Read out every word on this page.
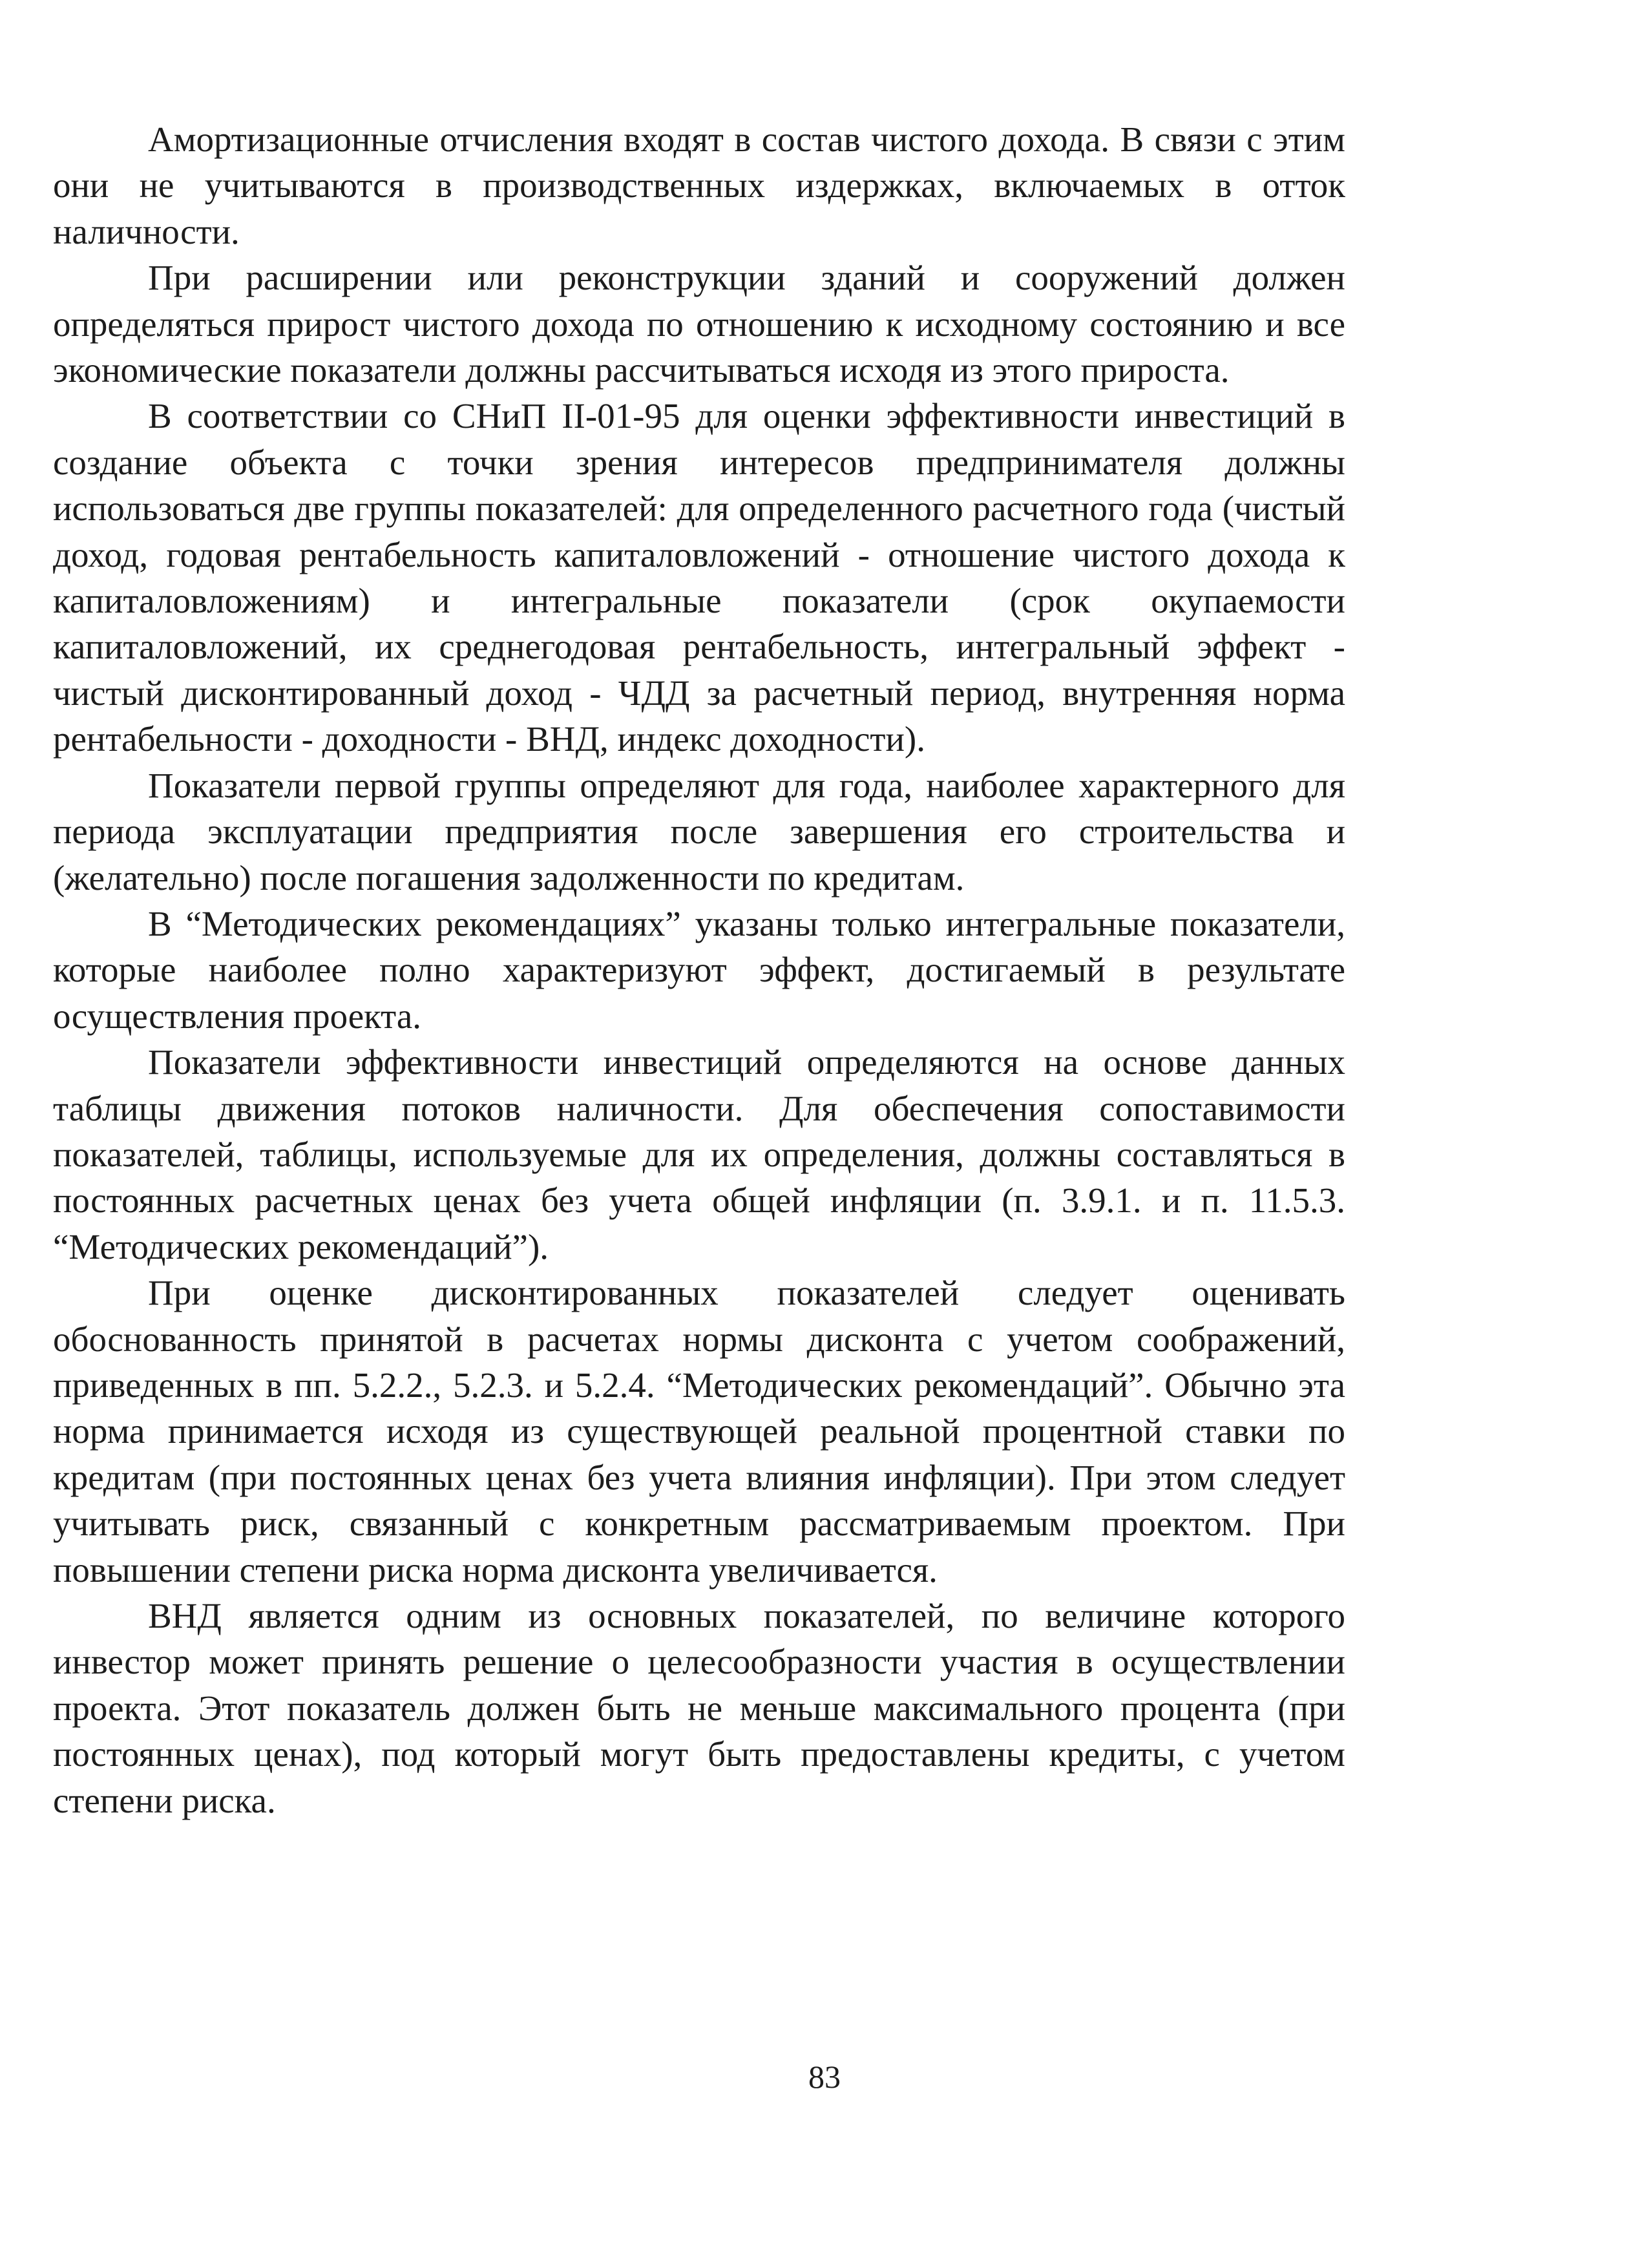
Амортизационные отчисления входят в состав чистого дохода. В связи с этим они не учитываются в производственных издержках, включаемых в отток наличности.

При расширении или реконструкции зданий и сооружений должен определяться прирост чистого дохода по отношению к исходному состоянию и все экономические показатели должны рассчитываться исходя из этого прироста.

В соответствии со СНиП II-01-95 для оценки эффективности инвестиций в создание объекта с точки зрения интересов предпринимателя должны использоваться две группы показателей: для определенного расчетного года (чистый доход, годовая рентабельность капиталовложений - отношение чистого дохода к капиталовложениям) и интегральные показатели (срок окупаемости капиталовложений, их среднегодовая рентабельность, интегральный эффект - чистый дисконтированный доход - ЧДД за расчетный период, внутренняя норма рентабельности - доходности - ВНД, индекс доходности).

Показатели первой группы определяют для года, наиболее характерного для периода эксплуатации предприятия после завершения его строительства и (желательно) после погашения задолженности по кредитам.

В “Методических рекомендациях” указаны только интегральные показатели, которые наиболее полно характеризуют эффект, достигаемый в результате осуществления проекта.

Показатели эффективности инвестиций определяются на основе данных таблицы движения потоков наличности. Для обеспечения сопоставимости показателей, таблицы, используемые для их определения, должны составляться в постоянных расчетных ценах без учета общей инфляции (п. 3.9.1. и п. 11.5.3. “Методических рекомендаций”).

При оценке дисконтированных показателей следует оценивать обоснованность принятой в расчетах нормы дисконта с учетом соображений, приведенных в пп. 5.2.2., 5.2.3. и 5.2.4. “Методических рекомендаций”. Обычно эта норма принимается исходя из существующей реальной процентной ставки по кредитам (при постоянных ценах без учета влияния инфляции). При этом следует учитывать риск, связанный с конкретным рассматриваемым проектом. При повышении степени риска норма дисконта увеличивается.

ВНД является одним из основных показателей, по величине которого инвестор может принять решение о целесообразности участия в осуществлении проекта. Этот показатель должен быть не меньше максимального процента (при постоянных ценах), под который могут быть предоставлены кредиты, с учетом степени риска.

83
